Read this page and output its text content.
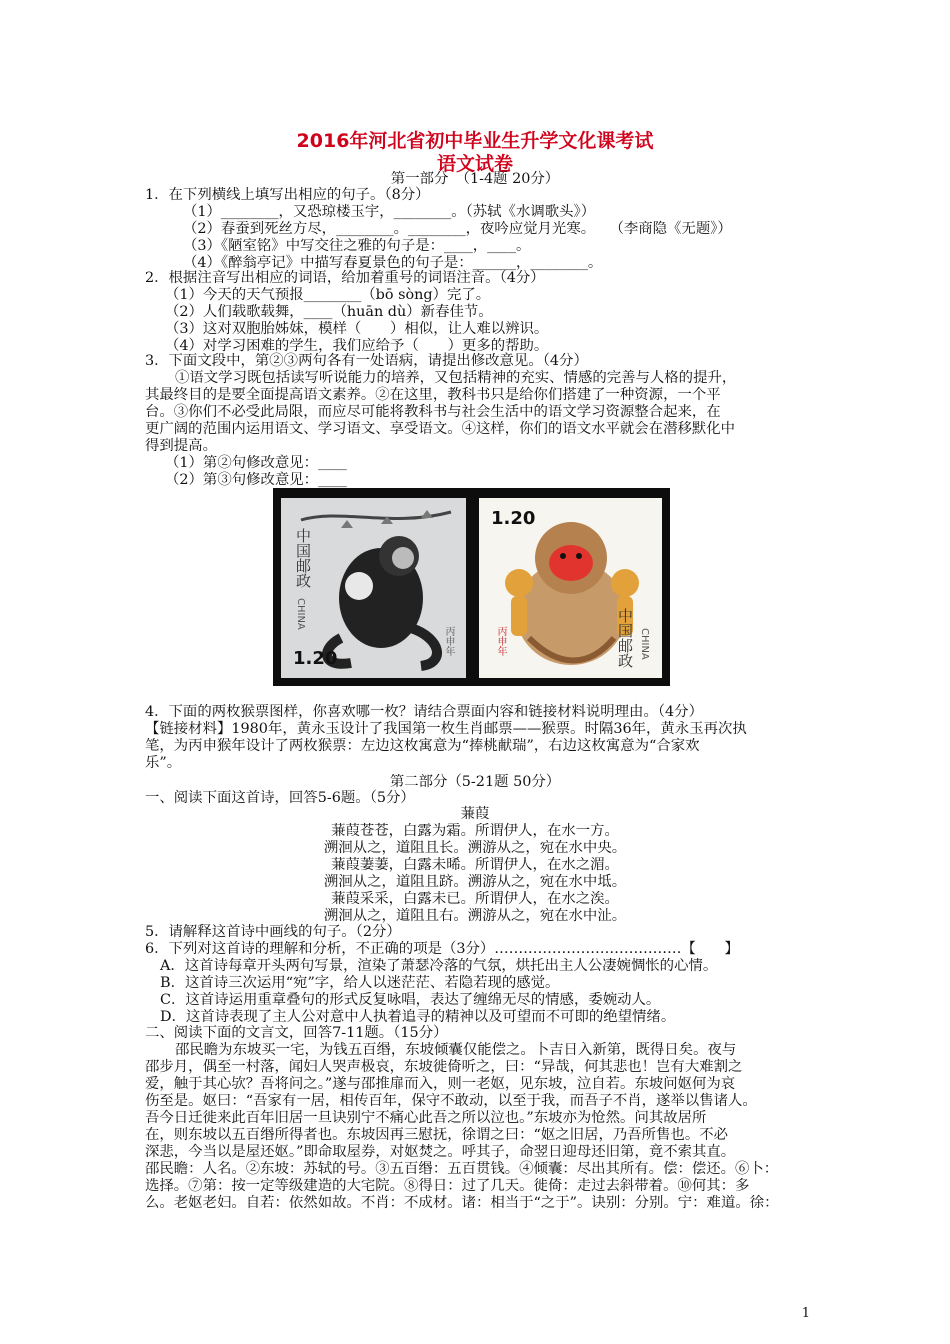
2016年河北省初中毕业生升学文化课考试
语文试卷
第一部分　（1-4题 20分）
1．在下列横线上填写出相应的句子。（8分）
（1）________，又恐琼楼玉宇，________。（苏轼《水调歌头》）
（2）春蚕到死丝方尽，________。________，夜吟应觉月光寒。　　（李商隐《无题》）
（3）《陋室铭》中写交往之雅的句子是：____，____。
（4）《醉翁亭记》中描写春夏景色的句子是：______，________。
2．根据注音写出相应的词语，给加着重号的词语注音。（4分）
（1）今天的天气预报________（bō sòng）完了。
（2）人们载歌载舞，____（huān dù）新春佳节。
（3）这对双胞胎姊妹，模样（　　）相似，让人难以辨识。
（4）对学习困难的学生，我们应给予（　　）更多的帮助。
3．下面文段中，第②③两句各有一处语病，请提出修改意见。（4分）
①语文学习既包括读写听说能力的培养，又包括精神的充实、情感的完善与人格的提升，
其最终目的是要全面提高语文素养。②在这里，教科书只是给你们搭建了一种资源，一个平
台。③你们不必受此局限，而应尽可能将教科书与社会生活中的语文学习资源整合起来，在
更广阔的范围内运用语文、学习语文、享受语文。④这样，你们的语文水平就会在潜移默化中
得到提高。
（1）第②句修改意见：____
（2）第③句修改意见：____
中国邮政
CHINA
1.20
丙申年
1.20
中国邮政 CHINA
丙申年
4．下面的两枚猴票图样，你喜欢哪一枚？请结合票面内容和链接材料说明理由。（4分）
【链接材料】1980年，黄永玉设计了我国第一枚生肖邮票——猴票。时隔36年，黄永玉再次执
笔，为丙申猴年设计了两枚猴票：左边这枚寓意为“捧桃献瑞”，右边这枚寓意为“合家欢
乐”。
第二部分（5-21题 50分）
一、阅读下面这首诗，回答5-6题。（5分）
蒹葭
蒹葭苍苍，白露为霜。所谓伊人，在水一方。
溯洄从之，道阻且长。溯游从之，宛在水中央。
蒹葭萋萋，白露未晞。所谓伊人，在水之湄。
溯洄从之，道阻且跻。溯游从之，宛在水中坻。
蒹葭采采，白露未已。所谓伊人，在水之涘。
溯洄从之，道阻且右。溯游从之，宛在水中沚。
5．请解释这首诗中画线的句子。（2分）
6．下列对这首诗的理解和分析，不正确的项是（3分）…………………………………【　　】
A．这首诗每章开头两句写景，渲染了萧瑟冷落的气氛，烘托出主人公凄婉惆怅的心情。
B．这首诗三次运用“宛”字，给人以迷茫茫、若隐若现的感觉。
C．这首诗运用重章叠句的形式反复咏唱，表达了缠绵无尽的情感，委婉动人。
D．这首诗表现了主人公对意中人执着追寻的精神以及可望而不可即的绝望情绪。
二、阅读下面的文言文，回答7-11题。（15分）
邵民瞻为东坡买一宅，为钱五百缗，东坡倾囊仅能偿之。卜吉日入新第，既得日矣。夜与
邵步月，偶至一村落，闻妇人哭声极哀，东坡徙倚听之，曰：“异哉，何其悲也！岂有大难割之
爱，触于其心欤？吾将问之。”遂与邵推扉而入，则一老妪，见东坡，泣自若。东坡问妪何为哀
伤至是。妪曰：“吾家有一居，相传百年，保守不敢动，以至于我，而吾子不肖，遂举以售诸人。
吾今日迁徙来此百年旧居一旦诀别宁不痛心此吾之所以泣也。”东坡亦为怆然。问其故居所
在，则东坡以五百缗所得者也。东坡因再三慰抚，徐谓之曰：“妪之旧居，乃吾所售也。不必
深悲，今当以是屋还妪。”即命取屋券，对妪焚之。呼其子，命翌日迎母还旧第，竟不索其直。
邵民瞻：人名。②东坡：苏轼的号。③五百缗：五百贯钱。④倾囊：尽出其所有。偿：偿还。⑥卜：
选择。⑦第：按一定等级建造的大宅院。⑧得日：过了几天。徙倚：走过去斜带着。⑩何其：多
么。老妪老妇。自若：依然如故。不肖：不成材。诸：相当于“之于”。诀别：分别。宁：难道。徐：
1
